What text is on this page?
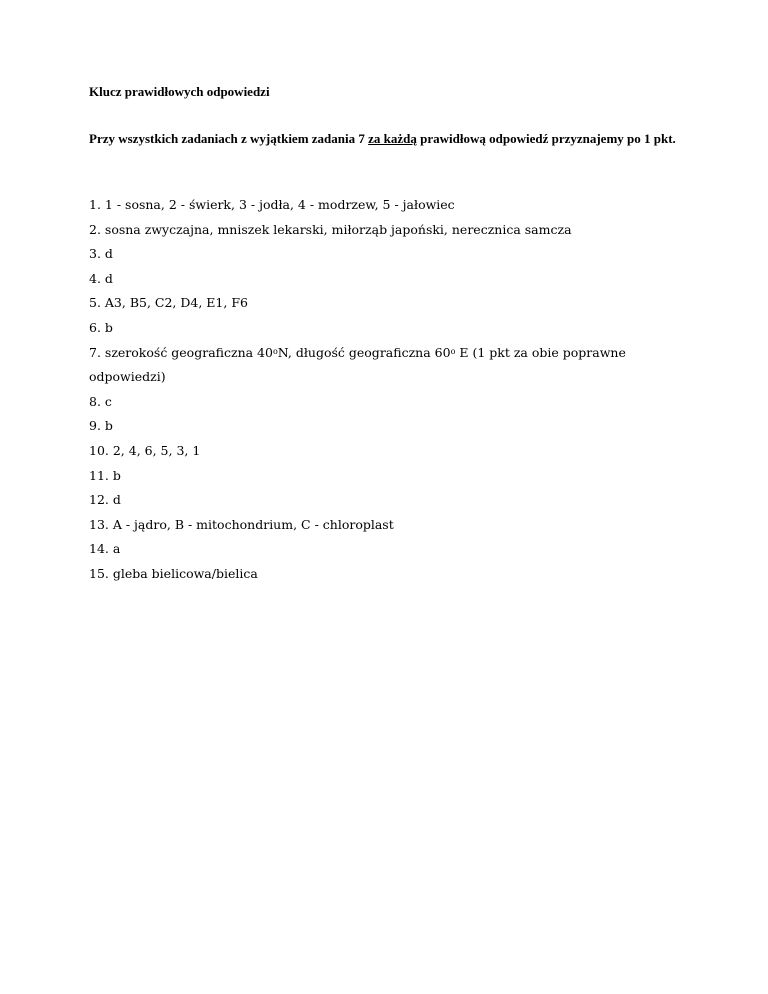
Klucz prawidłowych odpowiedzi
Przy wszystkich zadaniach z wyjątkiem zadania 7 za każdą prawidłową odpowiedź przyznajemy po 1 pkt.
1. 1 - sosna, 2 - świerk, 3 - jodła, 4 - modrzew, 5 - jałowiec
2. sosna zwyczajna, mniszek lekarski, miłorząb japoński, nerecznica samcza
3. d
4. d
5. A3, B5, C2, D4, E1, F6
6. b
7. szerokość geograficzna 40$^o$N, długość geograficzna 60$^o$ E (1 pkt za obie poprawne odpowiedzi)
8. c
9. b
10. 2, 4, 6, 5, 3, 1
11. b
12. d
13. A - jądro, B - mitochondrium, C - chloroplast
14. a
15. gleba bielicowa/bielica
